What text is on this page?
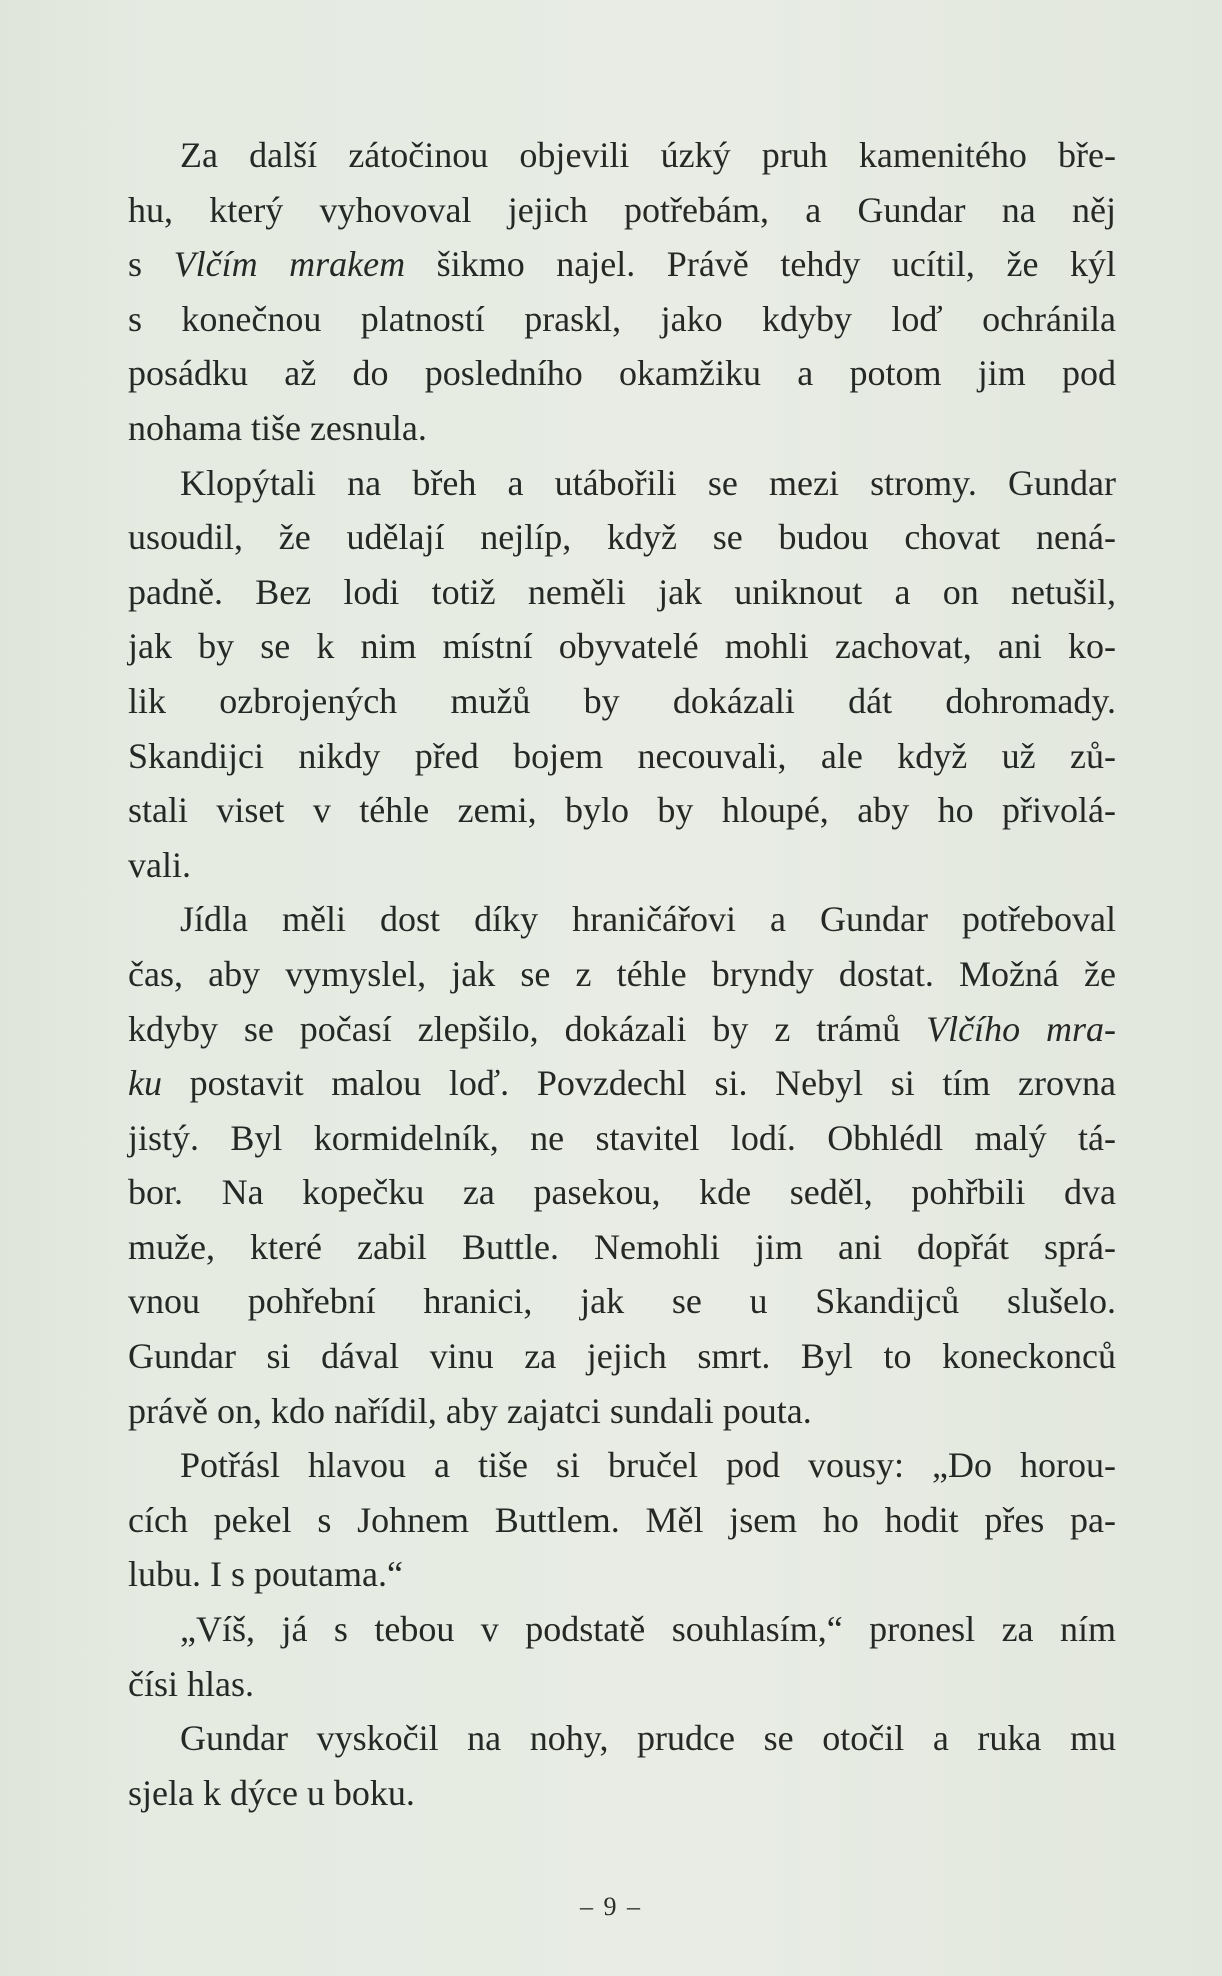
Za další zátočinou objevili úzký pruh kamenitého bře-
hu, který vyhovoval jejich potřebám, a Gundar na něj
s Vlčím mrakem šikmo najel. Právě tehdy ucítil, že kýl
s konečnou platností praskl, jako kdyby loď ochránila
posádku až do posledního okamžiku a potom jim pod
nohama tiše zesnula.
Klopýtali na břeh a utábořili se mezi stromy. Gundar
usoudil, že udělají nejlíp, když se budou chovat nená-
padně. Bez lodi totiž neměli jak uniknout a on netušil,
jak by se k nim místní obyvatelé mohli zachovat, ani ko-
lik ozbrojených mužů by dokázali dát dohromady.
Skandijci nikdy před bojem necouvali, ale když už zů-
stali viset v téhle zemi, bylo by hloupé, aby ho přivolá-
vali.
Jídla měli dost díky hraničářovi a Gundar potřeboval
čas, aby vymyslel, jak se z téhle bryndy dostat. Možná že
kdyby se počasí zlepšilo, dokázali by z trámů Vlčího mra-
ku postavit malou loď. Povzdechl si. Nebyl si tím zrovna
jistý. Byl kormidelník, ne stavitel lodí. Obhlédl malý tá-
bor. Na kopečku za pasekou, kde seděl, pohřbili dva
muže, které zabil Buttle. Nemohli jim ani dopřát sprá-
vnou pohřební hranici, jak se u Skandijců slušelo.
Gundar si dával vinu za jejich smrt. Byl to koneckonců
právě on, kdo nařídil, aby zajatci sundali pouta.
Potřásl hlavou a tiše si bručel pod vousy: „Do horou-
cích pekel s Johnem Buttlem. Měl jsem ho hodit přes pa-
lubu. I s poutama.“
„Víš, já s tebou v podstatě souhlasím,“ pronesl za ním
čísi hlas.
Gundar vyskočil na nohy, prudce se otočil a ruka mu
sjela k dýce u boku.
– 9 –
